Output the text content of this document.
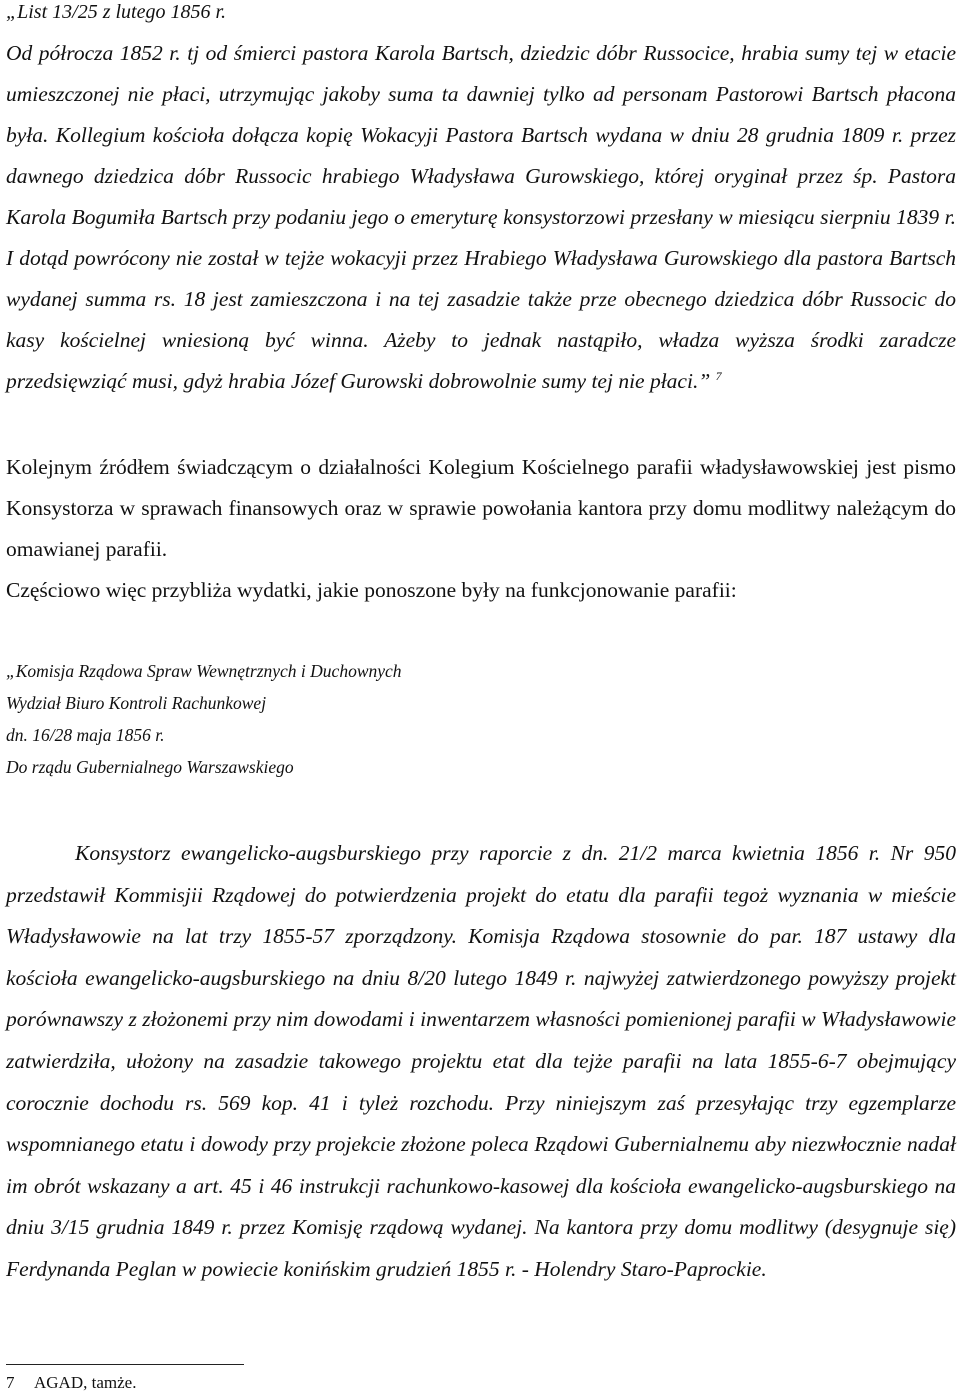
„List 13/25 z lutego 1856 r.
Od półrocza 1852 r. tj od śmierci pastora Karola Bartsch, dziedzic dóbr Russocice, hrabia sumy tej w etacie umieszczonej nie płaci, utrzymując jakoby suma ta dawniej tylko ad personam Pastorowi Bartsch płacona była. Kollegium kościoła dołącza kopię Wokacyji Pastora Bartsch wydana w dniu 28 grudnia 1809 r. przez dawnego dziedzica dóbr Russocic hrabiego Władysława Gurowskiego, której oryginał przez śp. Pastora Karola Bogumiła Bartsch przy podaniu jego o emeryturę konsystorzowi przesłany w miesiącu sierpniu 1839 r. I dotąd powrócony nie został w tejże wokacyji przez Hrabiego Władysława Gurowskiego dla pastora Bartsch wydanej summa rs. 18 jest zamieszczona i na tej zasadzie także prze obecnego dziedzica dóbr Russocic do kasy kościelnej wniesioną być winna. Ażeby to jednak nastąpiło, władza wyższa środki zaradcze przedsięwziąć musi, gdyż hrabia Józef Gurowski dobrowolnie sumy tej nie płaci.” $^7$

Kolejnym źródłem świadczącym o działalności Kolegium Kościelnego parafii władysławowskiej jest pismo Konsystorza w sprawach finansowych oraz w sprawie powołania kantora przy domu modlitwy należącym do omawianej parafii.

Częściowo więc przybliża wydatki, jakie ponoszone były na funkcjonowanie parafii:

„Komisja Rządowa Spraw Wewnętrznych i Duchownych

Wydział Biuro Kontroli Rachunkowej

dn. 16/28 maja 1856 r.

Do rządu Gubernialnego Warszawskiego

Konsystorz ewangelicko-augsburskiego przy raporcie z dn. 21/2 marca kwietnia 1856 r. Nr 950 przedstawił Kommisjii Rządowej do potwierdzenia projekt do etatu dla parafii tegoż wyznania w mieście Władysławowie na lat trzy 1855-57 zporządzony. Komisja Rządowa stosownie do par. 187 ustawy dla kościoła ewangelicko-augsburskiego na dniu 8/20 lutego 1849 r. najwyżej zatwierdzonego powyższy projekt porównawszy z złożonemi przy nim dowodami i inwentarzem własności pomienionej parafii w Władysławowie zatwierdziła, ułożony na zasadzie takowego projektu etat dla tejże parafii na lata 1855-6-7 obejmujący corocznie dochodu rs. 569 kop. 41 i tyleż rozchodu. Przy niniejszym zaś przesyłając trzy egzemplarze wspomnianego etatu i dowody przy projekcie złożone poleca Rządowi Gubernialnemu aby niezwłocznie nadał im obrót wskazany a art. 45 i 46 instrukcji rachunkowo-kasowej dla kościoła ewangelicko-augsburskiego na dniu 3/15 grudnia 1849 r. przez Komisję rządową wydanej. Na kantora przy domu modlitwy (desygnuje się) Ferdynanda Peglan w powiecie konińskim grudzień 1855 r. - Holendry Staro-Paprockie.

7 AGAD, tamże.
